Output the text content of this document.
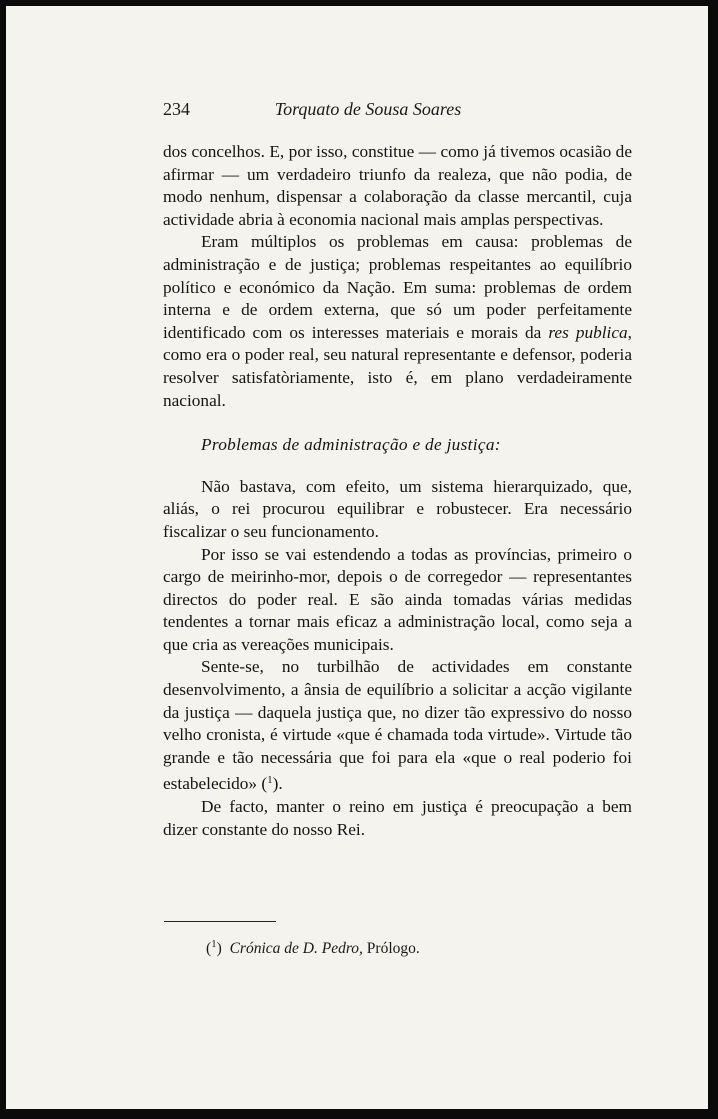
234	Torquato de Sousa Soares

dos concelhos. E, por isso, constitue — como já tivemos ocasião de afirmar — um verdadeiro triunfo da realeza, que não podia, de modo nenhum, dispensar a colaboração da classe mercantil, cuja actividade abria à economia nacional mais amplas perspectivas.

Eram múltiplos os problemas em causa: problemas de administração e de justiça; problemas respeitantes ao equilíbrio político e económico da Nação. Em suma: problemas de ordem interna e de ordem externa, que só um poder perfeitamente identificado com os interesses materiais e morais da res publica, como era o poder real, seu natural representante e defensor, poderia resolver satisfatòriamente, isto é, em plano verdadeiramente nacional.

Problemas de administração e de justiça:

Não bastava, com efeito, um sistema hierarquizado, que, aliás, o rei procurou equilibrar e robustecer. Era necessário fiscalizar o seu funcionamento.

Por isso se vai estendendo a todas as províncias, primeiro o cargo de meirinho-mor, depois o de corregedor — representantes directos do poder real. E são ainda tomadas várias medidas tendentes a tornar mais eficaz a administração local, como seja a que cria as vereações municipais.

Sente-se, no turbilhão de actividades em constante desenvolvimento, a ânsia de equilíbrio a solicitar a acção vigilante da justiça — daquela justiça que, no dizer tão expressivo do nosso velho cronista, é virtude «que é chamada toda virtude». Virtude tão grande e tão necessária que foi para ela «que o real poderio foi estabelecido» ($^1$).

De facto, manter o reino em justiça é preocupação a bem dizer constante do nosso Rei.

($^1$) Crónica de D. Pedro, Prólogo.
